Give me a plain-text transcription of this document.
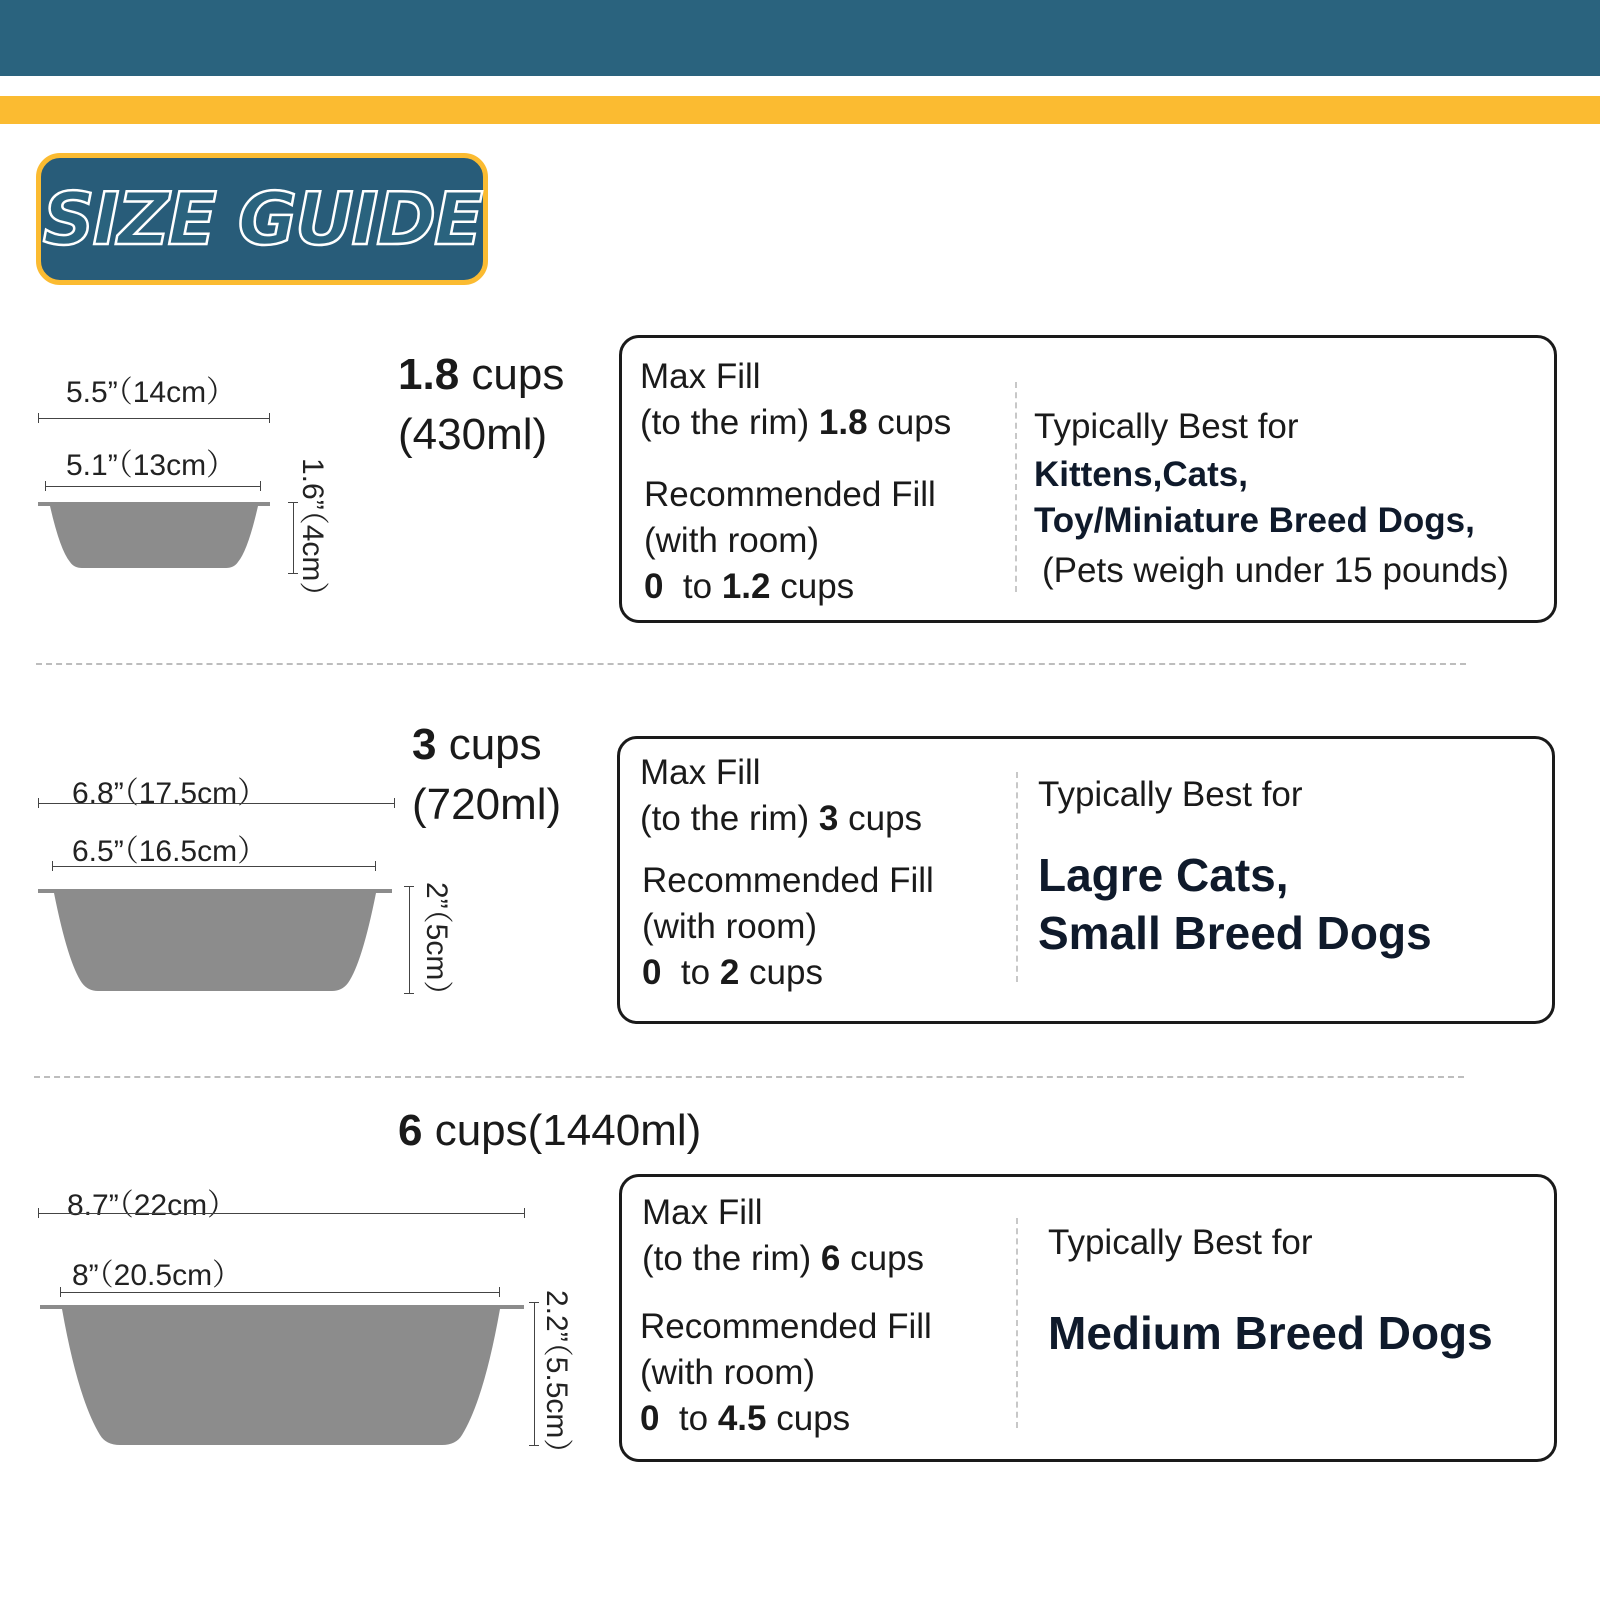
SIZE GUIDE
5.5”（14cm）
5.1”（13cm） 1.6”（4cm）
1.8 cups
(430ml)
Max Fill
(to the rim) 1.8 cups
Recommended Fill
(with room)
0  to 1.2 cups
Typically Best for
Kittens,Cats,
Toy/Miniature Breed Dogs,
(Pets weigh under 15 pounds)
6.8”（17.5cm）
6.5”（16.5cm）
2”（5cm）
3 cups
(720ml)
Max Fill
(to the rim) 3 cups
Recommended Fill
(with room)
0  to 2 cups
Typically Best for
Lagre Cats,
Small Breed Dogs
6 cups(1440ml)
8.7”（22cm）
8”（20.5cm）
2.2”（5.5cm）
Max Fill
(to the rim) 6 cups
Recommended Fill
(with room)
0  to 4.5 cups
Typically Best for
Medium Breed Dogs
